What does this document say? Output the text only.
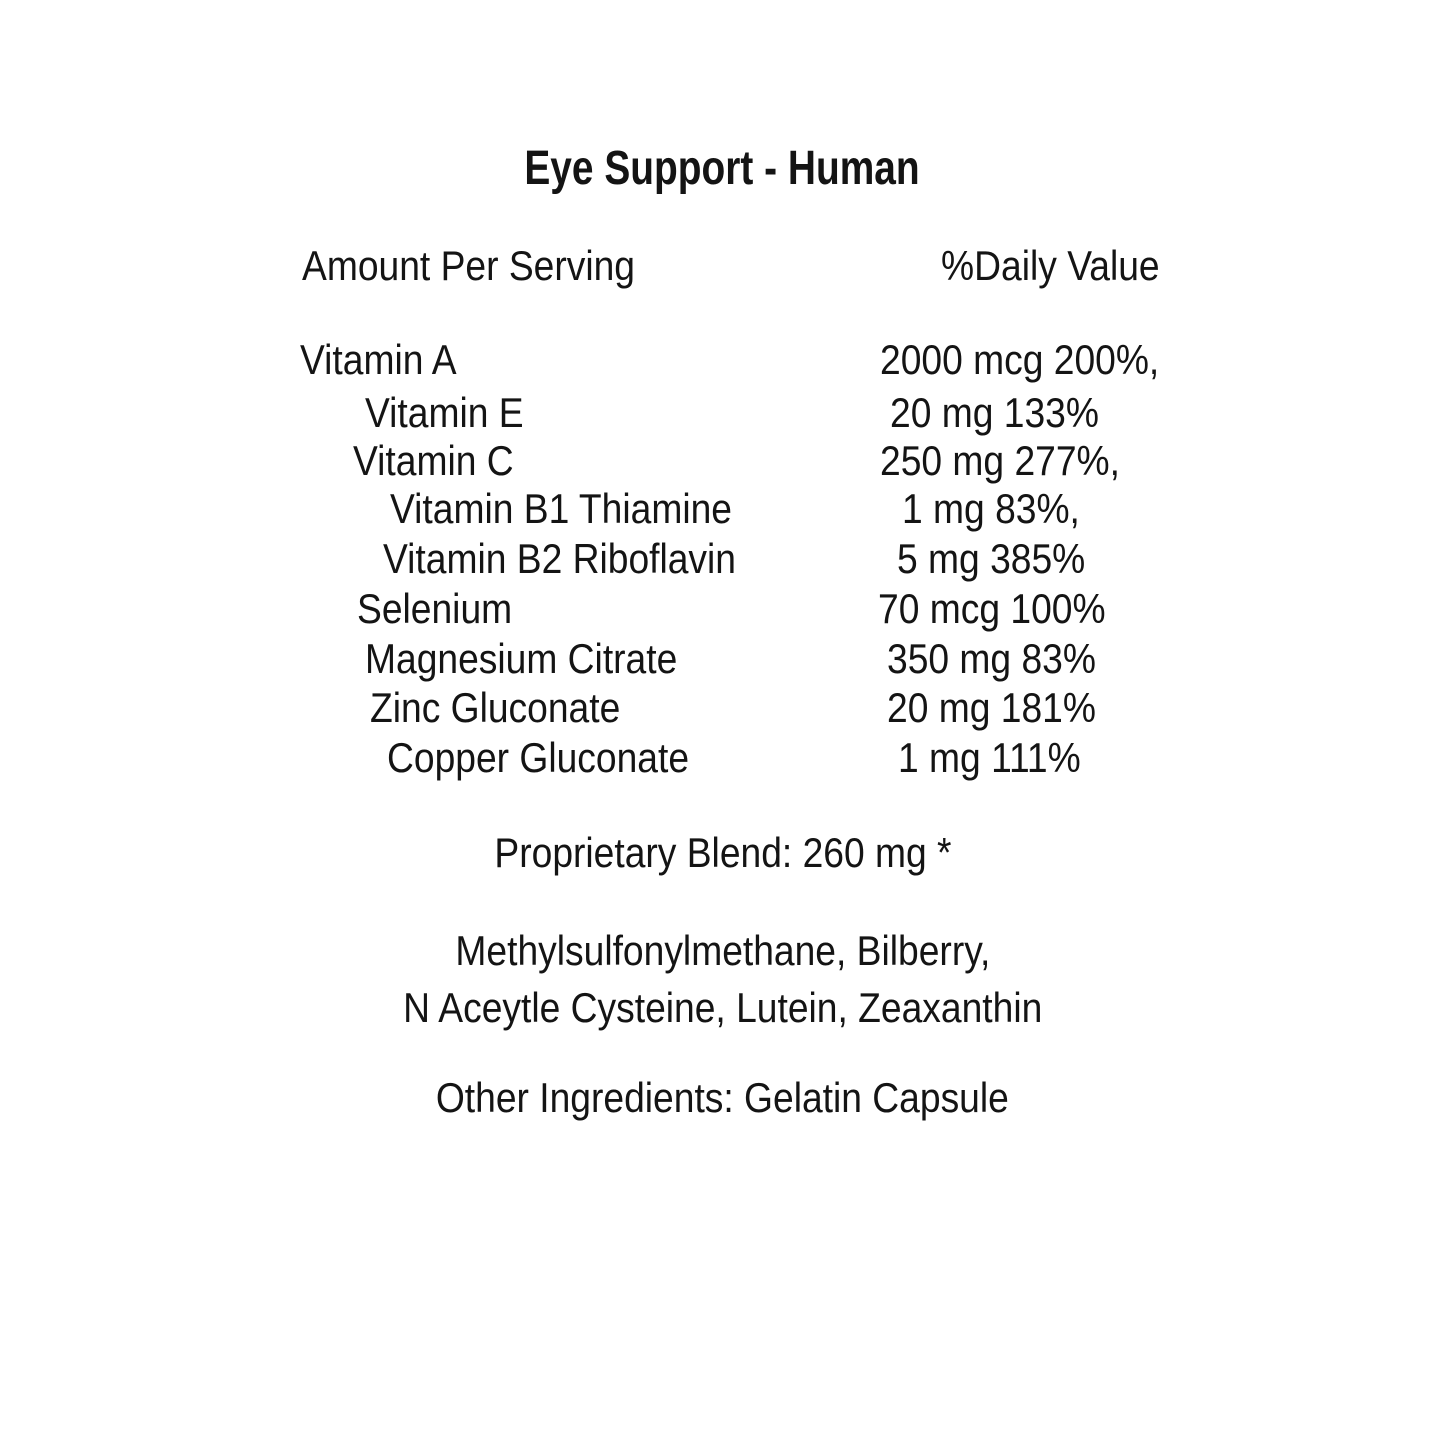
Eye Support - Human
Amount Per Serving	%Daily Value
Vitamin A	2000 mcg 200%,
Vitamin E	20 mg 133%
Vitamin C	250 mg 277%,
Vitamin B1 Thiamine	1 mg 83%,
Vitamin B2 Riboflavin	5 mg 385%
Selenium	70 mcg 100%
Magnesium Citrate	350 mg 83%
Zinc Gluconate	20 mg 181%
Copper Gluconate	1 mg 111%
Proprietary Blend: 260 mg *
Methylsulfonylmethane, Bilberry,
N Aceytle Cysteine, Lutein, Zeaxanthin
Other Ingredients: Gelatin Capsule
